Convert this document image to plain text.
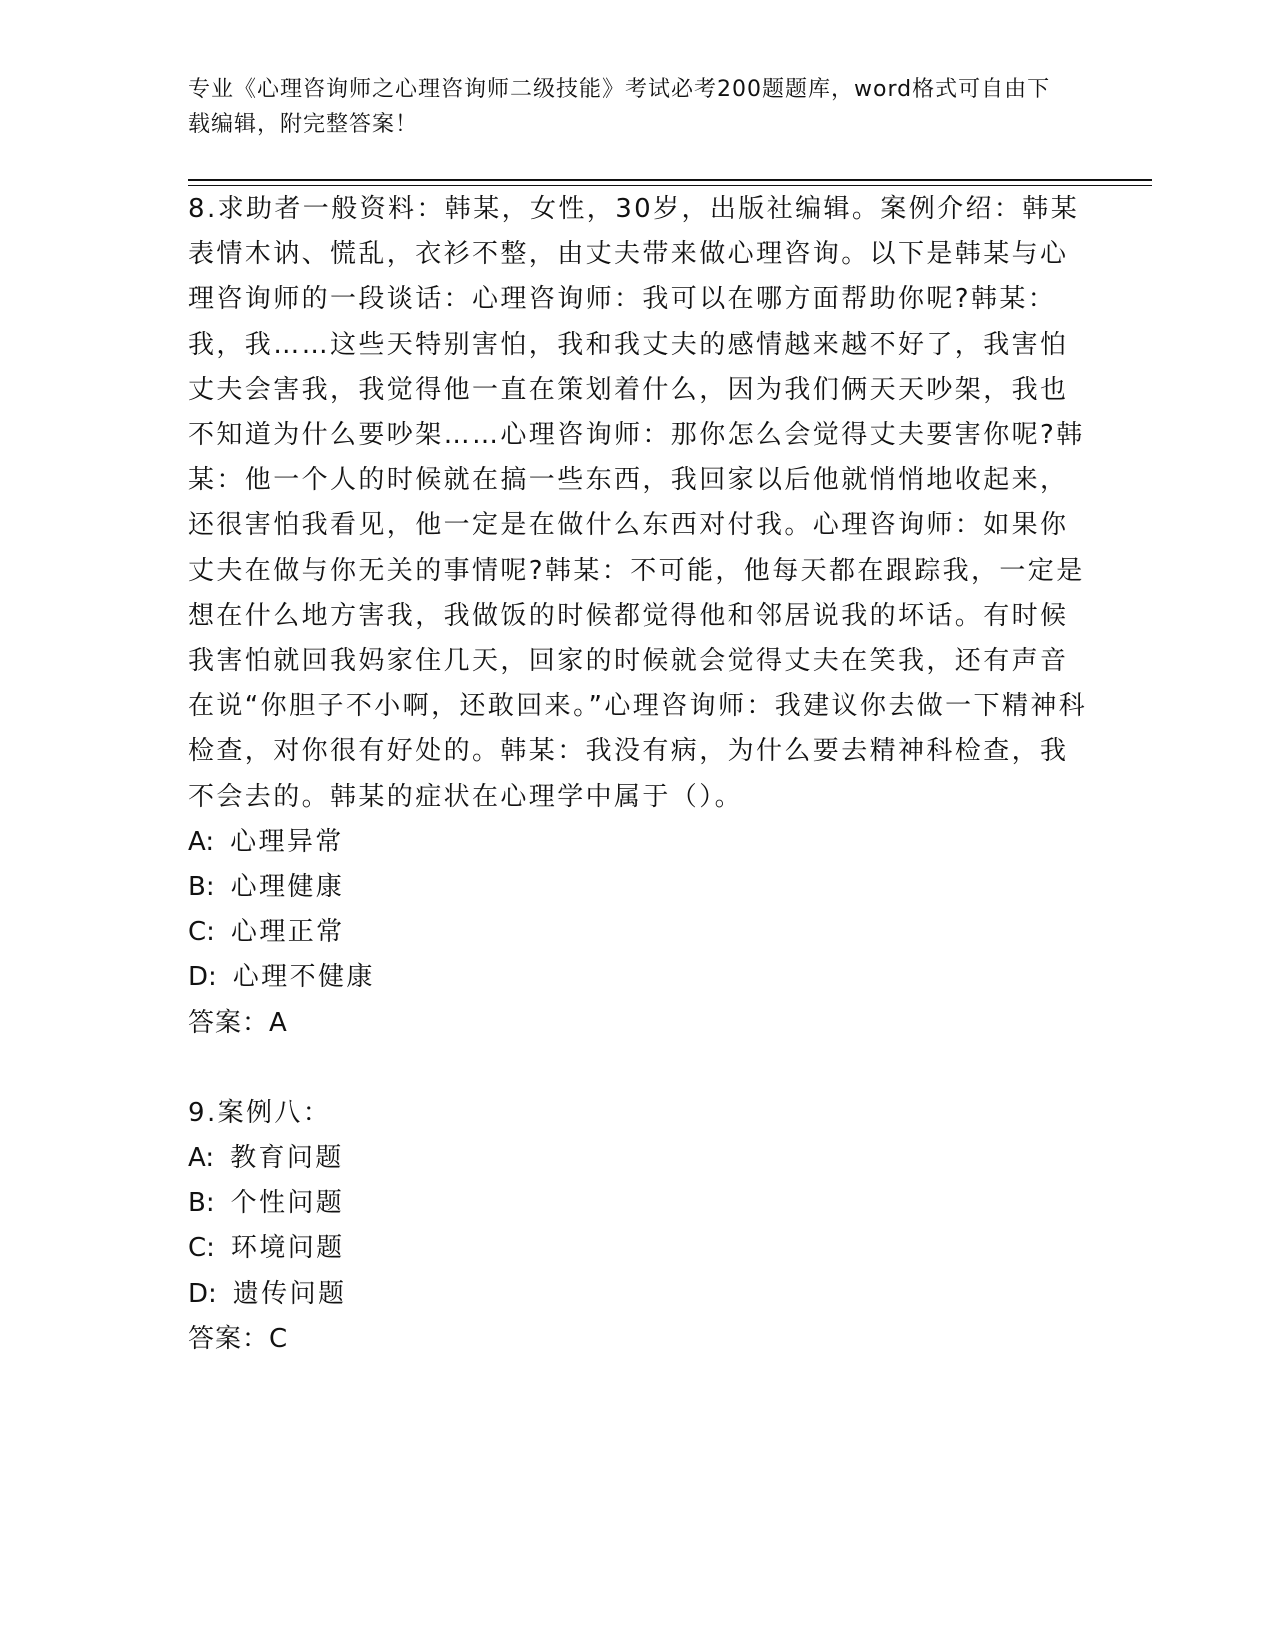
专业《心理咨询师之心理咨询师二级技能》考试必考200题题库，word格式可自由下载编辑，附完整答案！

8.求助者一般资料：韩某，女性，30岁，出版社编辑。案例介绍：韩某表情木讷、慌乱，衣衫不整，由丈夫带来做心理咨询。以下是韩某与心理咨询师的一段谈话：心理咨询师：我可以在哪方面帮助你呢?韩某：我，我……这些天特别害怕，我和我丈夫的感情越来越不好了，我害怕丈夫会害我，我觉得他一直在策划着什么，因为我们俩天天吵架，我也不知道为什么要吵架……心理咨询师：那你怎么会觉得丈夫要害你呢?韩某：他一个人的时候就在搞一些东西，我回家以后他就悄悄地收起来，还很害怕我看见，他一定是在做什么东西对付我。心理咨询师：如果你丈夫在做与你无关的事情呢?韩某：不可能，他每天都在跟踪我，一定是想在什么地方害我，我做饭的时候都觉得他和邻居说我的坏话。有时候我害怕就回我妈家住几天，回家的时候就会觉得丈夫在笑我，还有声音在说“你胆子不小啊，还敢回来。”心理咨询师：我建议你去做一下精神科检查，对你很有好处的。韩某：我没有病，为什么要去精神科检查，我不会去的。韩某的症状在心理学中属于（）。

A: 心理异常

B: 心理健康

C: 心理正常

D: 心理不健康

答案：A

9.案例八：

A: 教育问题

B: 个性问题

C: 环境问题

D: 遗传问题

答案：C
